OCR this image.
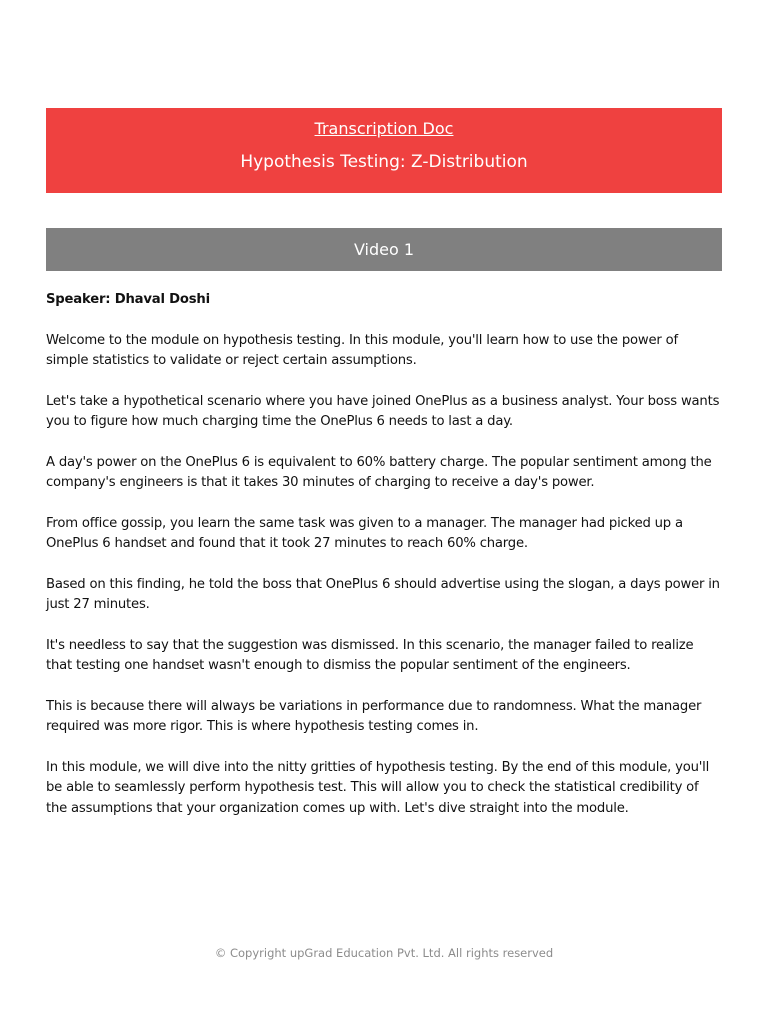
Transcription Doc
Hypothesis Testing: Z-Distribution
Video 1

Speaker: Dhaval Doshi

Welcome to the module on hypothesis testing. In this module, you'll learn how to use the power of simple statistics to validate or reject certain assumptions.

Let's take a hypothetical scenario where you have joined OnePlus as a business analyst. Your boss wants you to figure how much charging time the OnePlus 6 needs to last a day.

A day's power on the OnePlus 6 is equivalent to 60% battery charge. The popular sentiment among the company's engineers is that it takes 30 minutes of charging to receive a day's power.

From office gossip, you learn the same task was given to a manager. The manager had picked up a OnePlus 6 handset and found that it took 27 minutes to reach 60% charge.

Based on this finding, he told the boss that OnePlus 6 should advertise using the slogan, a days power in just 27 minutes.

It's needless to say that the suggestion was dismissed. In this scenario, the manager failed to realize that testing one handset wasn't enough to dismiss the popular sentiment of the engineers.

This is because there will always be variations in performance due to randomness. What the manager required was more rigor. This is where hypothesis testing comes in.

In this module, we will dive into the nitty gritties of hypothesis testing. By the end of this module, you'll be able to seamlessly perform hypothesis test. This will allow you to check the statistical credibility of the assumptions that your organization comes up with. Let's dive straight into the module.

© Copyright upGrad Education Pvt. Ltd. All rights reserved
